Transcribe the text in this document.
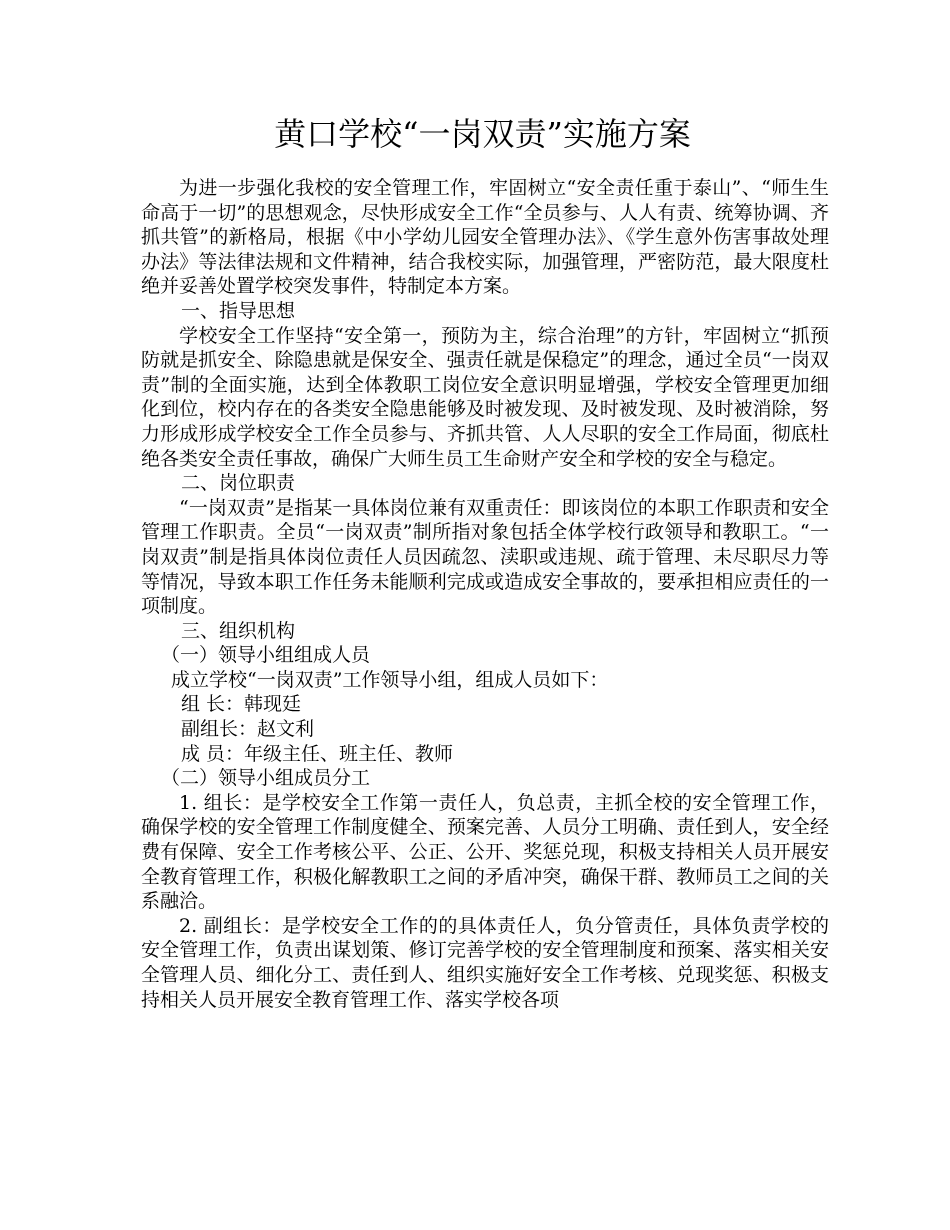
黄口学校“一岗双责”实施方案

为进一步强化我校的安全管理工作，牢固树立“安全责任重于泰山”、“师生生命高于一切”的思想观念，尽快形成安全工作“全员参与、人人有责、统筹协调、齐抓共管”的新格局，根据《中小学幼儿园安全管理办法》、《学生意外伤害事故处理办法》等法律法规和文件精神，结合我校实际，加强管理，严密防范，最大限度杜绝并妥善处置学校突发事件，特制定本方案。

一、指导思想

学校安全工作坚持“安全第一，预防为主，综合治理”的方针，牢固树立“抓预防就是抓安全、除隐患就是保安全、强责任就是保稳定”的理念，通过全员“一岗双责”制的全面实施，达到全体教职工岗位安全意识明显增强，学校安全管理更加细化到位，校内存在的各类安全隐患能够及时被发现、及时被发现、及时被消除，努力形成形成学校安全工作全员参与、齐抓共管、人人尽职的安全工作局面，彻底杜绝各类安全责任事故，确保广大师生员工生命财产安全和学校的安全与稳定。

二、岗位职责

“一岗双责”是指某一具体岗位兼有双重责任：即该岗位的本职工作职责和安全管理工作职责。全员“一岗双责”制所指对象包括全体学校行政领导和教职工。“一岗双责”制是指具体岗位责任人员因疏忽、渎职或违规、疏于管理、未尽职尽力等等情况，导致本职工作任务未能顺利完成或造成安全事故的，要承担相应责任的一项制度。

三、组织机构

（一）领导小组组成人员

成立学校“一岗双责”工作领导小组，组成人员如下：

组 长：韩现廷

副组长：赵文利

成 员：年级主任、班主任、教师

（二）领导小组成员分工

1. 组长：是学校安全工作第一责任人，负总责，主抓全校的安全管理工作，确保学校的安全管理工作制度健全、预案完善、人员分工明确、责任到人，安全经费有保障、安全工作考核公平、公正、公开、奖惩兑现，积极支持相关人员开展安全教育管理工作，积极化解教职工之间的矛盾冲突，确保干群、教师员工之间的关系融洽。

2. 副组长：是学校安全工作的的具体责任人，负分管责任，具体负责学校的安全管理工作，负责出谋划策、修订完善学校的安全管理制度和预案、落实相关安全管理人员、细化分工、责任到人、组织实施好安全工作考核、兑现奖惩、积极支持相关人员开展安全教育管理工作、落实学校各项
